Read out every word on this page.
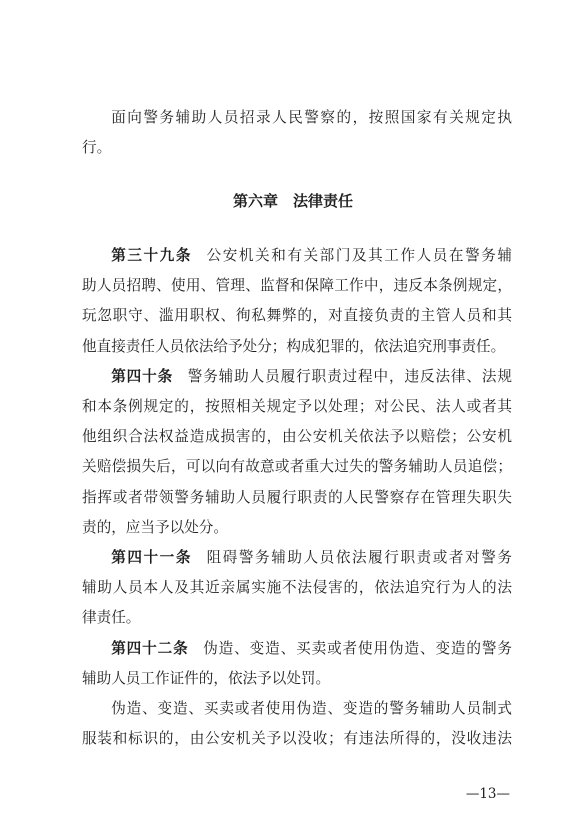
面向警务辅助人员招录人民警察的，按照国家有关规定执
行。
第六章　法律责任
第三十九条 公安机关和有关部门及其工作人员在警务辅
助人员招聘、使用、管理、监督和保障工作中，违反本条例规定，
玩忽职守、滥用职权、徇私舞弊的，对直接负责的主管人员和其
他直接责任人员依法给予处分；构成犯罪的，依法追究刑事责任。
第四十条 警务辅助人员履行职责过程中，违反法律、法规
和本条例规定的，按照相关规定予以处理；对公民、法人或者其
他组织合法权益造成损害的，由公安机关依法予以赔偿；公安机
关赔偿损失后，可以向有故意或者重大过失的警务辅助人员追偿；
指挥或者带领警务辅助人员履行职责的人民警察存在管理失职失
责的，应当予以处分。
第四十一条 阻碍警务辅助人员依法履行职责或者对警务
辅助人员本人及其近亲属实施不法侵害的，依法追究行为人的法
律责任。
第四十二条 伪造、变造、买卖或者使用伪造、变造的警务
辅助人员工作证件的，依法予以处罚。
伪造、变造、买卖或者使用伪造、变造的警务辅助人员制式
服装和标识的，由公安机关予以没收；有违法所得的，没收违法
—13—
